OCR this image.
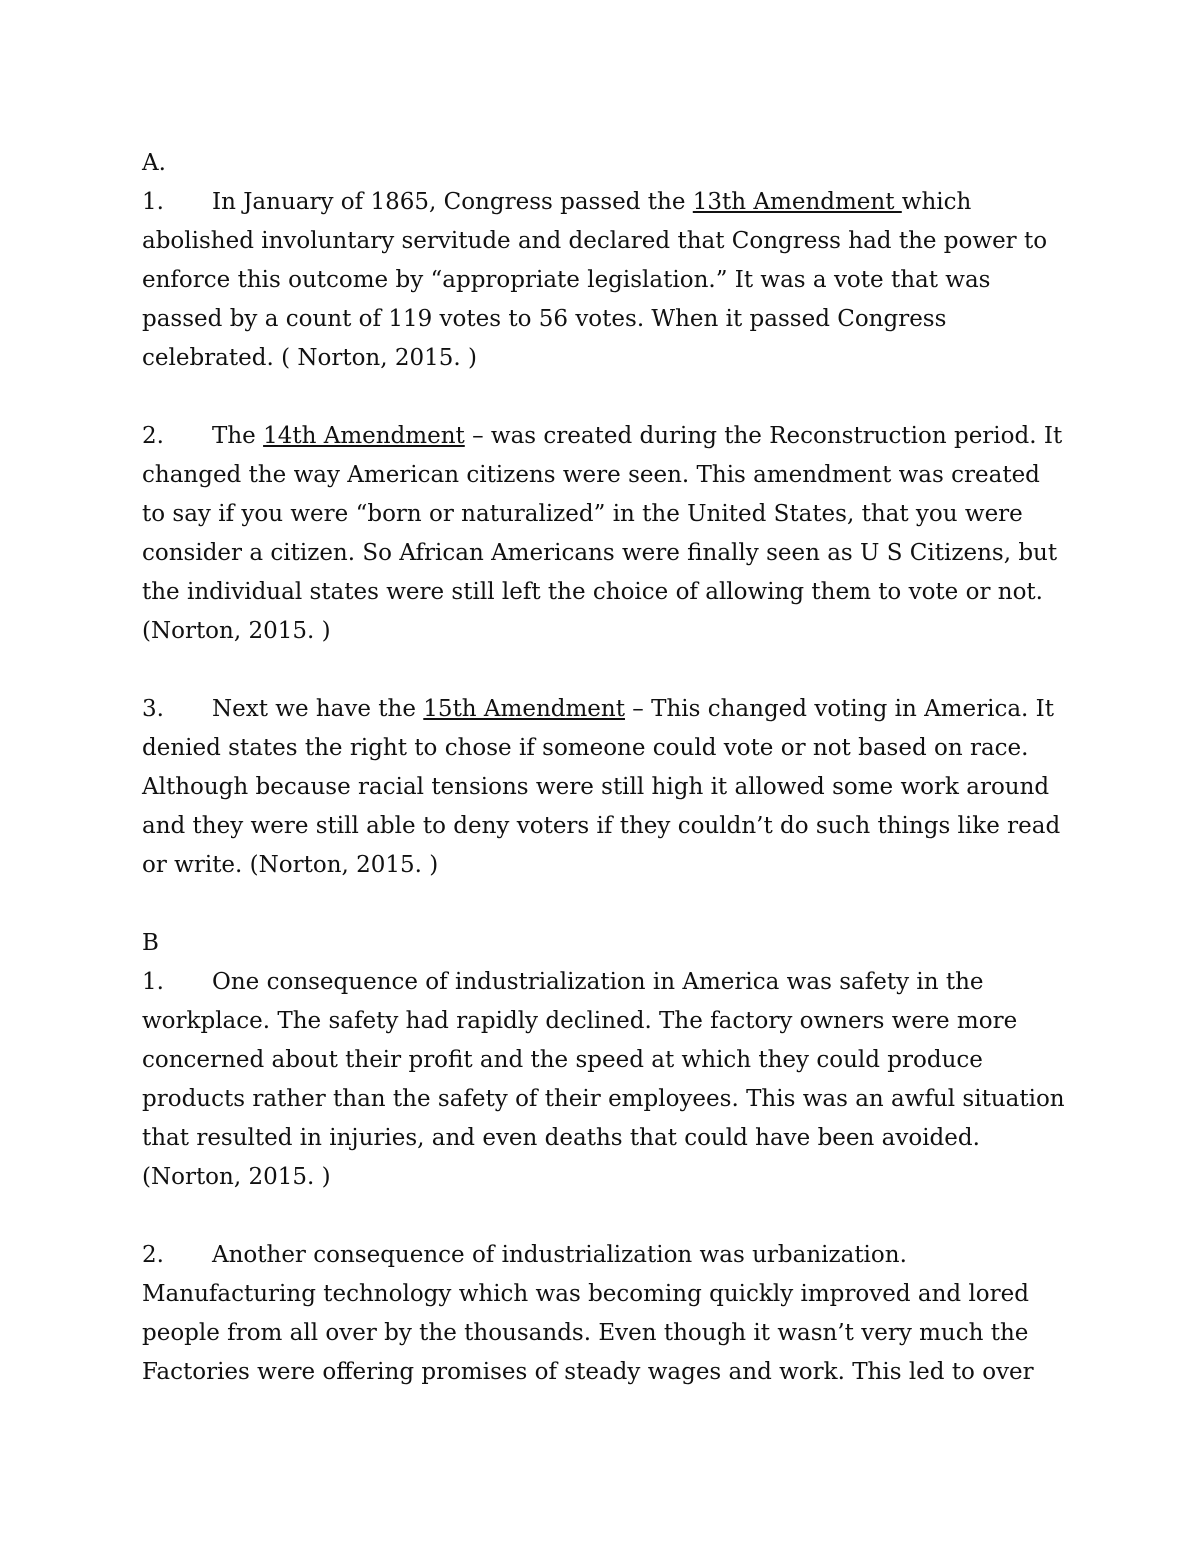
A.

1. In January of 1865, Congress passed the 13th Amendment which abolished involuntary servitude and declared that Congress had the power to enforce this outcome by “appropriate legislation.” It was a vote that was passed by a count of 119 votes to 56 votes. When it passed Congress celebrated. ( Norton, 2015. )

2. The 14th Amendment – was created during the Reconstruction period. It changed the way American citizens were seen. This amendment was created to say if you were “born or naturalized” in the United States, that you were consider a citizen. So African Americans were finally seen as U S Citizens, but the individual states were still left the choice of allowing them to vote or not. (Norton, 2015. )

3. Next we have the 15th Amendment – This changed voting in America. It denied states the right to chose if someone could vote or not based on race. Although because racial tensions were still high it allowed some work around and they were still able to deny voters if they couldn’t do such things like read or write. (Norton, 2015. )

B

1. One consequence of industrialization in America was safety in the workplace. The safety had rapidly declined. The factory owners were more concerned about their profit and the speed at which they could produce products rather than the safety of their employees. This was an awful situation that resulted in injuries, and even deaths that could have been avoided. (Norton, 2015. )

2. Another consequence of industrialization was urbanization. Manufacturing technology which was becoming quickly improved and lored people from all over by the thousands. Even though it wasn’t very much the Factories were offering promises of steady wages and work. This led to over
